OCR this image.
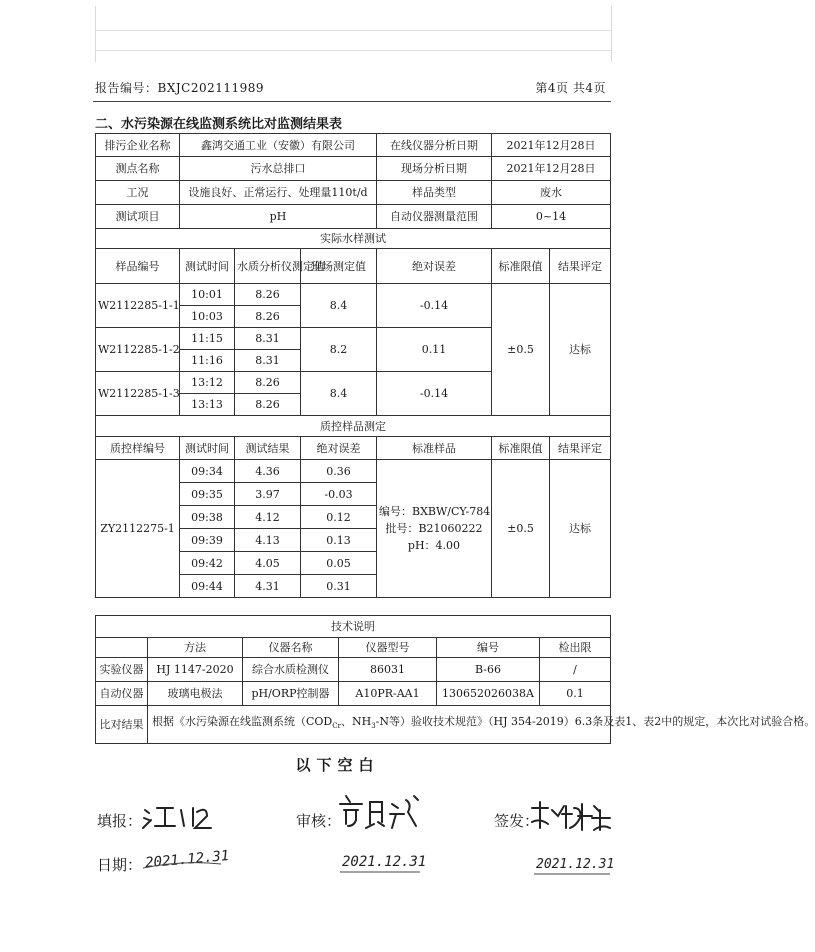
报告编号：BXJC202111989	第4页 共4页
二、水污染源在线监测系统比对监测结果表
排污企业名称	鑫鸿交通工业（安徽）有限公司			在线仪器分析日期	2021年12月28日	
测点名称	污水总排口			现场分析日期	2021年12月28日	
工况	设施良好、正常运行、处理量110t/d			样品类型	废水	
测试项目	pH			自动仪器测量范围	0~14	
实际水样测试						
样品编号	测试时间	水质分析仪测定值	现场测定值	绝对误差	标准限值	结果评定
W2112285-1-1	10:01	8.26	8.4	-0.14	±0.5	达标
	10:03	8.26				
W2112285-1-2	11:15	8.31	8.2	0.11		
	11:16	8.31				
W2112285-1-3	13:12	8.26	8.4	-0.14		
	13:13	8.26				
质控样品测定						
质控样编号	测试时间	测试结果	绝对误差	标准样品	标准限值	结果评定
ZY2112275-1	09:34	4.36	0.36	编号：BXBW/CY-784
批号：B21060222
pH：4.00	±0.5	达标
	09:35	3.97	-0.03			
	09:38	4.12	0.12			
	09:39	4.13	0.13			
	09:42	4.05	0.05			
	09:44	4.31	0.31			
技术说明					
	方法	仪器名称	仪器型号	编号	检出限
实验仪器	HJ 1147-2020	综合水质检测仪	86031	B-66	/
自动仪器	玻璃电极法	pH/ORP控制器	A10PR-AA1	130652026038A	0.1
比对结果	根据《水污染源在线监测系统（$COD_{Cr}$、$NH_3-N$等）验收技术规范》（HJ 354-2019）6.3条及表1、表2中的规定，本次比对试验合格。				
以下空白
填报：	审核：	签发：
日期： 2021.12.31	2021.12.31	2021.12.31
